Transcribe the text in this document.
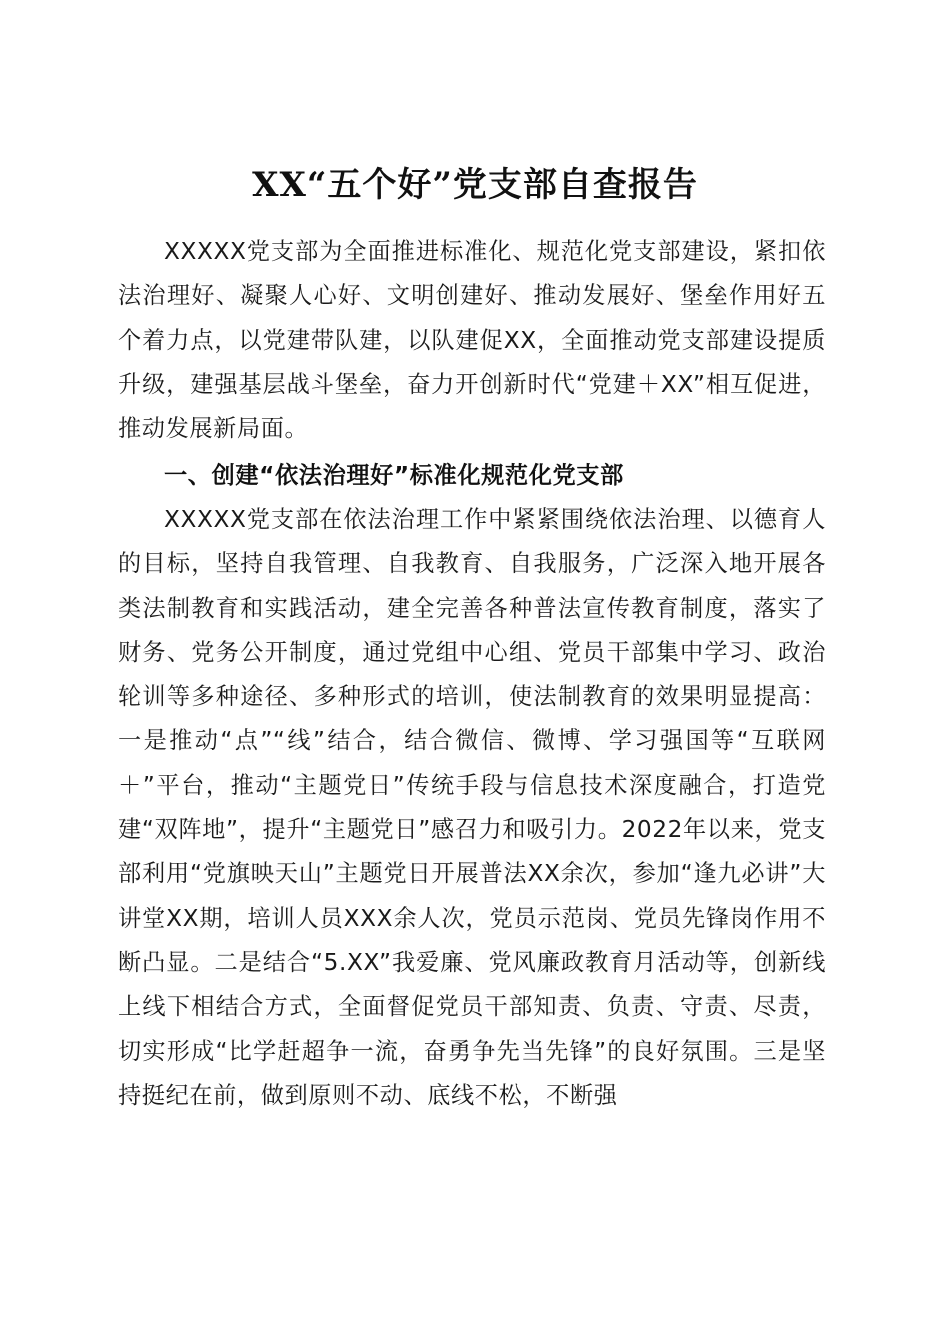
XX“五个好”党支部自查报告

XXXXX党支部为全面推进标准化、规范化党支部建设，紧扣依法治理好、凝聚人心好、文明创建好、推动发展好、堡垒作用好五个着力点，以党建带队建，以队建促XX，全面推动党支部建设提质升级，建强基层战斗堡垒，奋力开创新时代“党建＋XX”相互促进，推动发展新局面。

一、创建“依法治理好”标准化规范化党支部

XXXXX党支部在依法治理工作中紧紧围绕依法治理、以德育人的目标，坚持自我管理、自我教育、自我服务，广泛深入地开展各类法制教育和实践活动，建全完善各种普法宣传教育制度，落实了财务、党务公开制度，通过党组中心组、党员干部集中学习、政治轮训等多种途径、多种形式的培训，使法制教育的效果明显提高：一是推动“点”“线”结合，结合微信、微博、学习强国等“互联网＋”平台，推动“主题党日”传统手段与信息技术深度融合，打造党建“双阵地”，提升“主题党日”感召力和吸引力。2022年以来，党支部利用“党旗映天山”主题党日开展普法XX余次，参加“逢九必讲”大讲堂XX期，培训人员XXX余人次，党员示范岗、党员先锋岗作用不断凸显。二是结合“5.XX”我爱廉、党风廉政教育月活动等，创新线上线下相结合方式，全面督促党员干部知责、负责、守责、尽责，切实形成“比学赶超争一流，奋勇争先当先锋”的良好氛围。三是坚持挺纪在前，做到原则不动、底线不松，不断强
